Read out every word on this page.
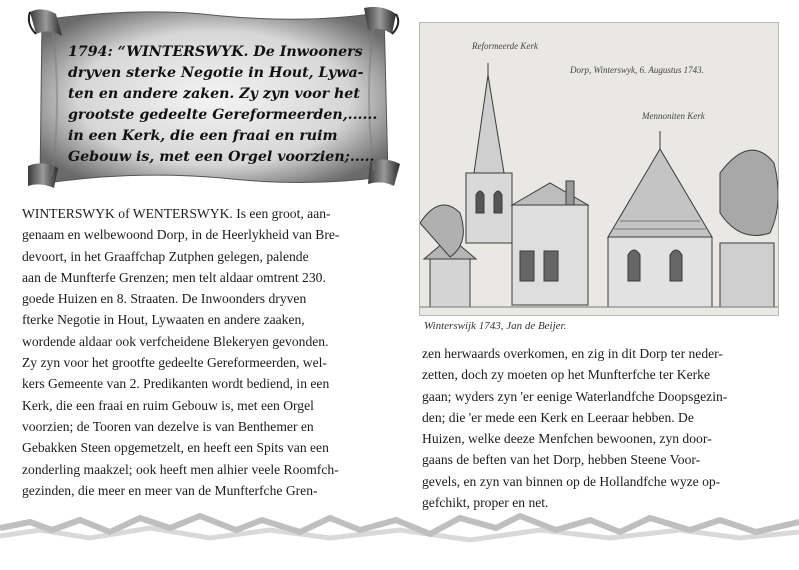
1794: “WINTERSWYK. De Inwooners
dryven sterke Negotie in Hout, Lywa-
ten en andere zaken. Zy zyn voor het
grootste gedeelte Gereformeerden,......
in een Kerk, die een fraai en ruim
Gebouw is, met een Orgel voorzien;.....
WINTERSWYK of WENTERSWYK. Is een groot, aan-
genaam en welbewoond Dorp, in de Heerlykheid van Bre-
devoort, in het Graaffchap Zutphen gelegen, palende
aan de Munfterfe Grenzen; men telt aldaar omtrent 230.
goede Huizen en 8. Straaten. De Inwoonders dryven
fterke Negotie in Hout, Lywaaten en andere zaaken,
wordende aldaar ook verfcheidene Blekeryen gevonden.
Zy zyn voor het grootfte gedeelte Gereformeerden, wel-
kers Gemeente van 2. Predikanten wordt bediend, in een
Kerk, die een fraai en ruim Gebouw is, met een Orgel
voorzien; de Tooren van dezelve is van Benthemer en
Gebakken Steen opgemetzelt, en heeft een Spits van een
zonderling maakzel; ook heeft men alhier veele Roomfch-
gezinden, die meer en meer van de Munfterfche Gren-
Reformeerde Kerk
Dorp, Winterswyk, 6. Augustus 1743.
Mennoniten Kerk
Winterswijk 1743, Jan de Beijer.
zen herwaards overkomen, en zig in dit Dorp ter neder-
zetten, doch zy moeten op het Munfterfche ter Kerke
gaan; wyders zyn 'er eenige Waterlandfche Doopsgezin-
den; die 'er mede een Kerk en Leeraar hebben. De
Huizen, welke deeze Menfchen bewoonen, zyn door-
gaans de beften van het Dorp, hebben Steene Voor-
gevels, en zyn van binnen op de Hollandfche wyze op-
gefchikt, proper en net.
